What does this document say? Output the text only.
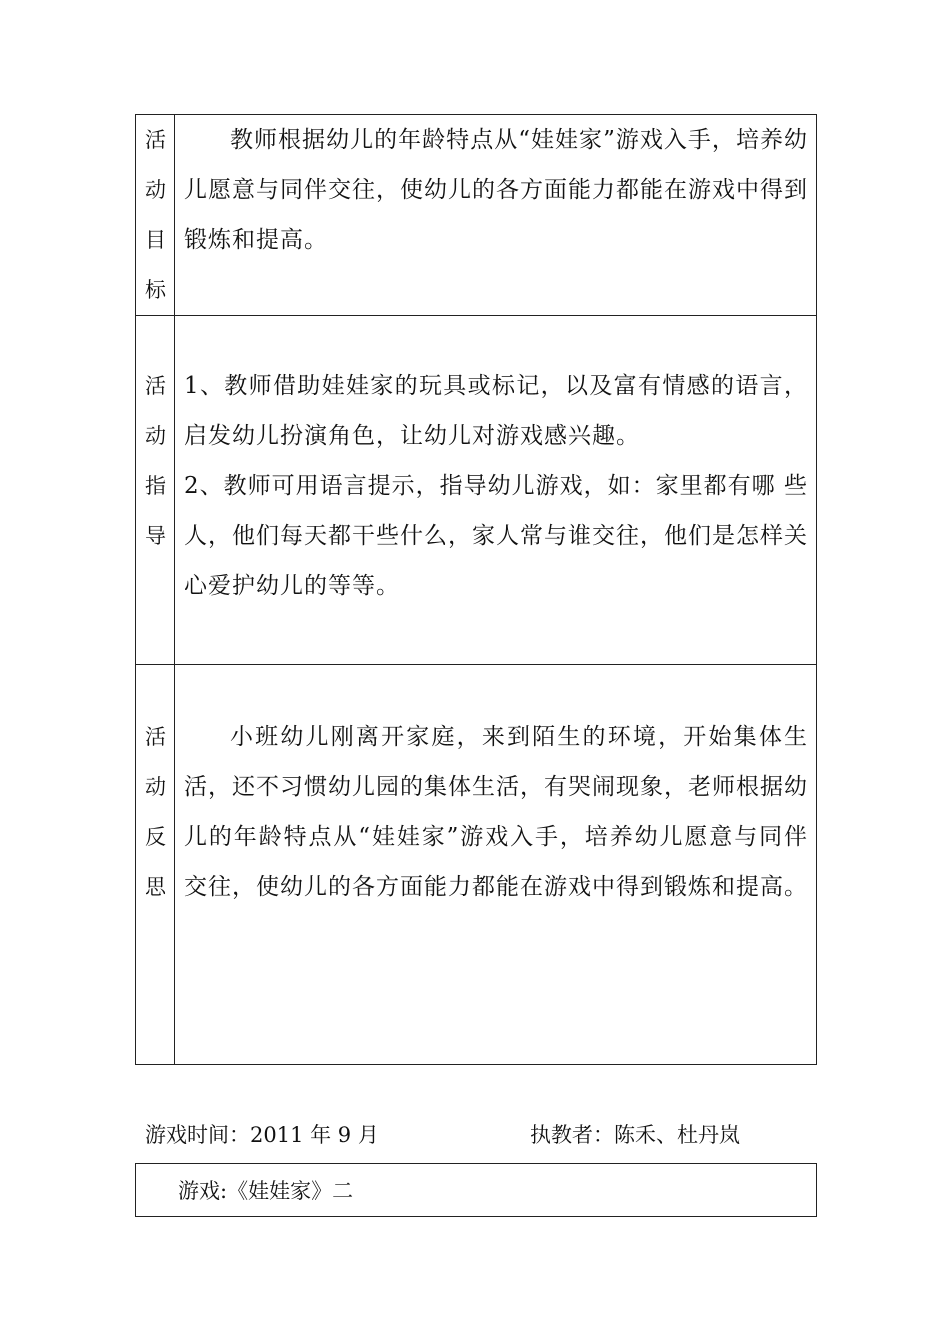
活
动
目
标

教师根据幼儿的年龄特点从“娃娃家”游戏入手，培养幼儿愿意与同伴交往，使幼儿的各方面能力都能在游戏中得到锻炼和提高。

活
动
指
导

1、教师借助娃娃家的玩具或标记，以及富有情感的语言，启发幼儿扮演角色，让幼儿对游戏感兴趣。

2、教师可用语言提示，指导幼儿游戏，如：家里都有哪 些人，他们每天都干些什么，家人常与谁交往，他们是怎样关心爱护幼儿的等等。

活
动
反
思

小班幼儿刚离开家庭，来到陌生的环境，开始集体生活，还不习惯幼儿园的集体生活，有哭闹现象，老师根据幼儿的年龄特点从“娃娃家”游戏入手，培养幼儿愿意与同伴交往，使幼儿的各方面能力都能在游戏中得到锻炼和提高。

游戏时间：2011 年 9 月	执教者：陈禾、杜丹岚
游戏:《娃娃家》二
